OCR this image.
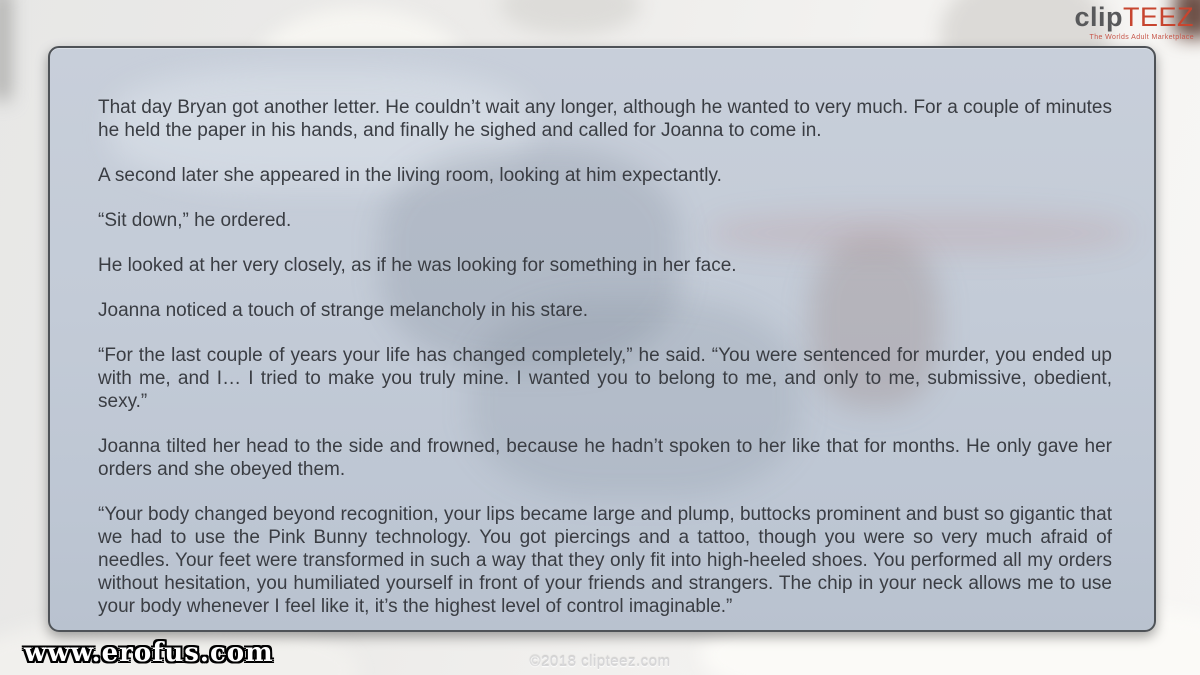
clipTEEZ
The Worlds Adult Marketplace

That day Bryan got another letter. He couldn’t wait any longer, although he wanted to very much. For a couple of minutes he held the paper in his hands, and finally he sighed and called for Joanna to come in.

A second later she appeared in the living room, looking at him expectantly.

“Sit down,” he ordered.

He looked at her very closely, as if he was looking for something in her face.

Joanna noticed a touch of strange melancholy in his stare.

“For the last couple of years your life has changed completely,” he said. “You were sentenced for murder, you ended up with me, and I… I tried to make you truly mine. I wanted you to belong to me, and only to me, submissive, obedient, sexy.”

Joanna tilted her head to the side and frowned, because he hadn’t spoken to her like that for months. He only gave her orders and she obeyed them.

“Your body changed beyond recognition, your lips became large and plump, buttocks prominent and bust so gigantic that we had to use the Pink Bunny technology. You got piercings and a tattoo, though you were so very much afraid of needles. Your feet were transformed in such a way that they only fit into high-heeled shoes. You performed all my orders without hesitation, you humiliated yourself in front of your friends and strangers. The chip in your neck allows me to use your body whenever I feel like it, it’s the highest level of control imaginable.”

www.erofus.com	©2018 clipteez.com
